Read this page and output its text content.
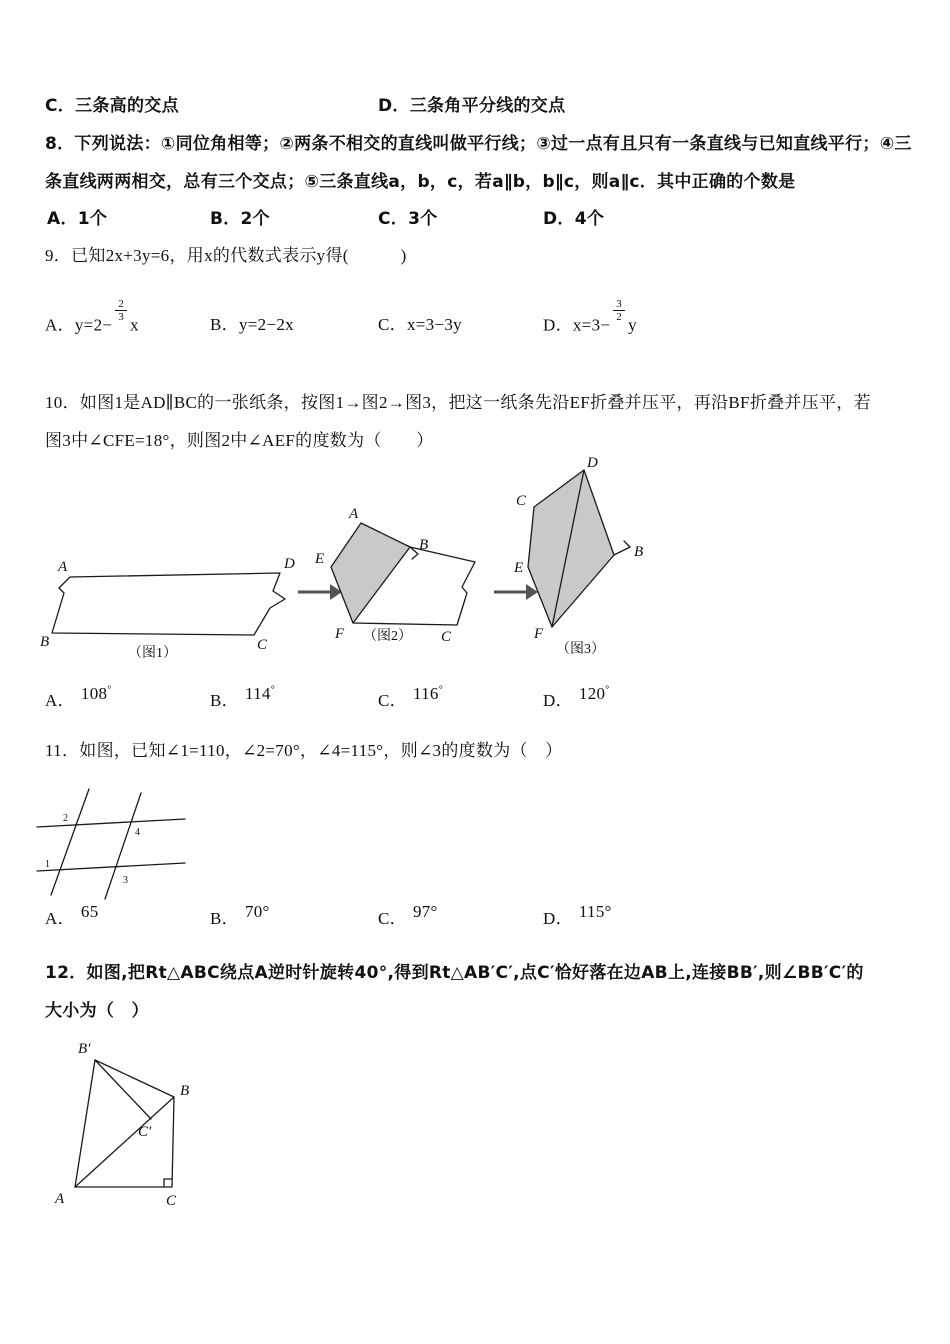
C．三条高的交点	D．三条角平分线的交点
8．下列说法：①同位角相等；②两条不相交的直线叫做平行线；③过一点有且只有一条直线与已知直线平行；④三
条直线两两相交，总有三个交点；⑤三条直线a，b，c，若a∥b，b∥c，则a∥c．其中正确的个数是
A．1个	B．2个	C．3个	D．4个
9．已知2x+3y=6，用x的代数式表示y得(　　　)
A．y=2−
$\frac{2}{3}$
x	B．y=2−2x	C．x=3−3y	D．x=3−
$\frac{3}{2}$
y
10．如图1是AD∥BC的一张纸条，按图1→图2→图3，把这一纸条先沿EF折叠并压平，再沿BF折叠并压平，若
图3中∠CFE=18°，则图2中∠AEF的度数为（　　）
A	D
B	C
（图1）
A
B
E
F	C
（图2）
D
C
B
E
F
（图3）
A． 108°
B． 114°
C． 116°
D． 120°
11．如图，已知∠1=110，∠2=70°，∠4=115°，则∠3的度数为（　）
2
1
4
3
A． 65	B． 70°	C． 97°	D． 115°
12．如图,把Rt△ABC绕点A逆时针旋转40°,得到Rt△AB′C′,点C′恰好落在边AB上,连接BB′,则∠BB′C′的
大小为（　）
B′
B
C′
A	C
